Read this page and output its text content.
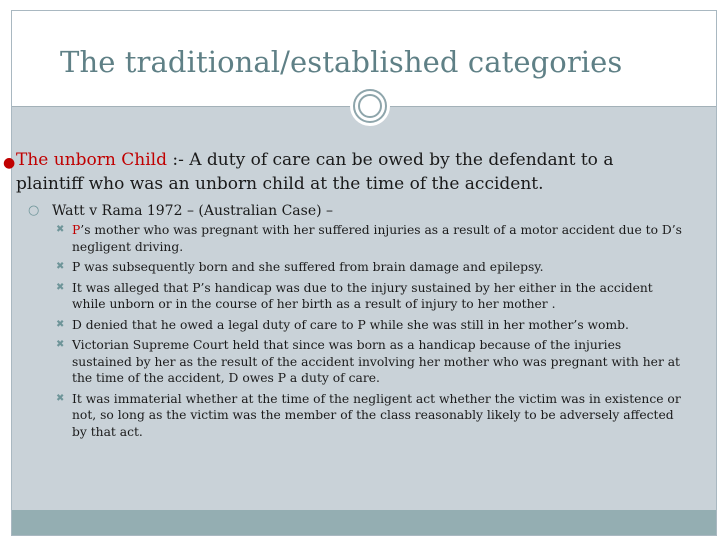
The traditional/established categories
● The unborn Child :- A duty of care can be owed by the defendant to a plaintiff who was an unborn child at the time of the accident.
○ Watt v Rama 1972 – (Australian Case) –
✖ P’s mother who was pregnant with her suffered injuries as a result of a motor accident due to D’s negligent driving.
✖ P was subsequently born and she suffered from brain damage and epilepsy.
✖ It was alleged that P’s handicap was due to the injury sustained by her either in the accident while unborn or in the course of her birth as a result of injury to her mother .
✖ D denied that he owed a legal duty of care to P while she was still in her mother’s womb.
✖ Victorian Supreme Court held that since was born as a handicap because of the injuries sustained by her as the result of the accident involving her mother who was pregnant with her at the time of the accident, D owes P a duty of care.
✖ It was immaterial whether at the time of the negligent act whether the victim was in existence or not, so long as the victim was the member of the class reasonably likely to be adversely affected by that act.
